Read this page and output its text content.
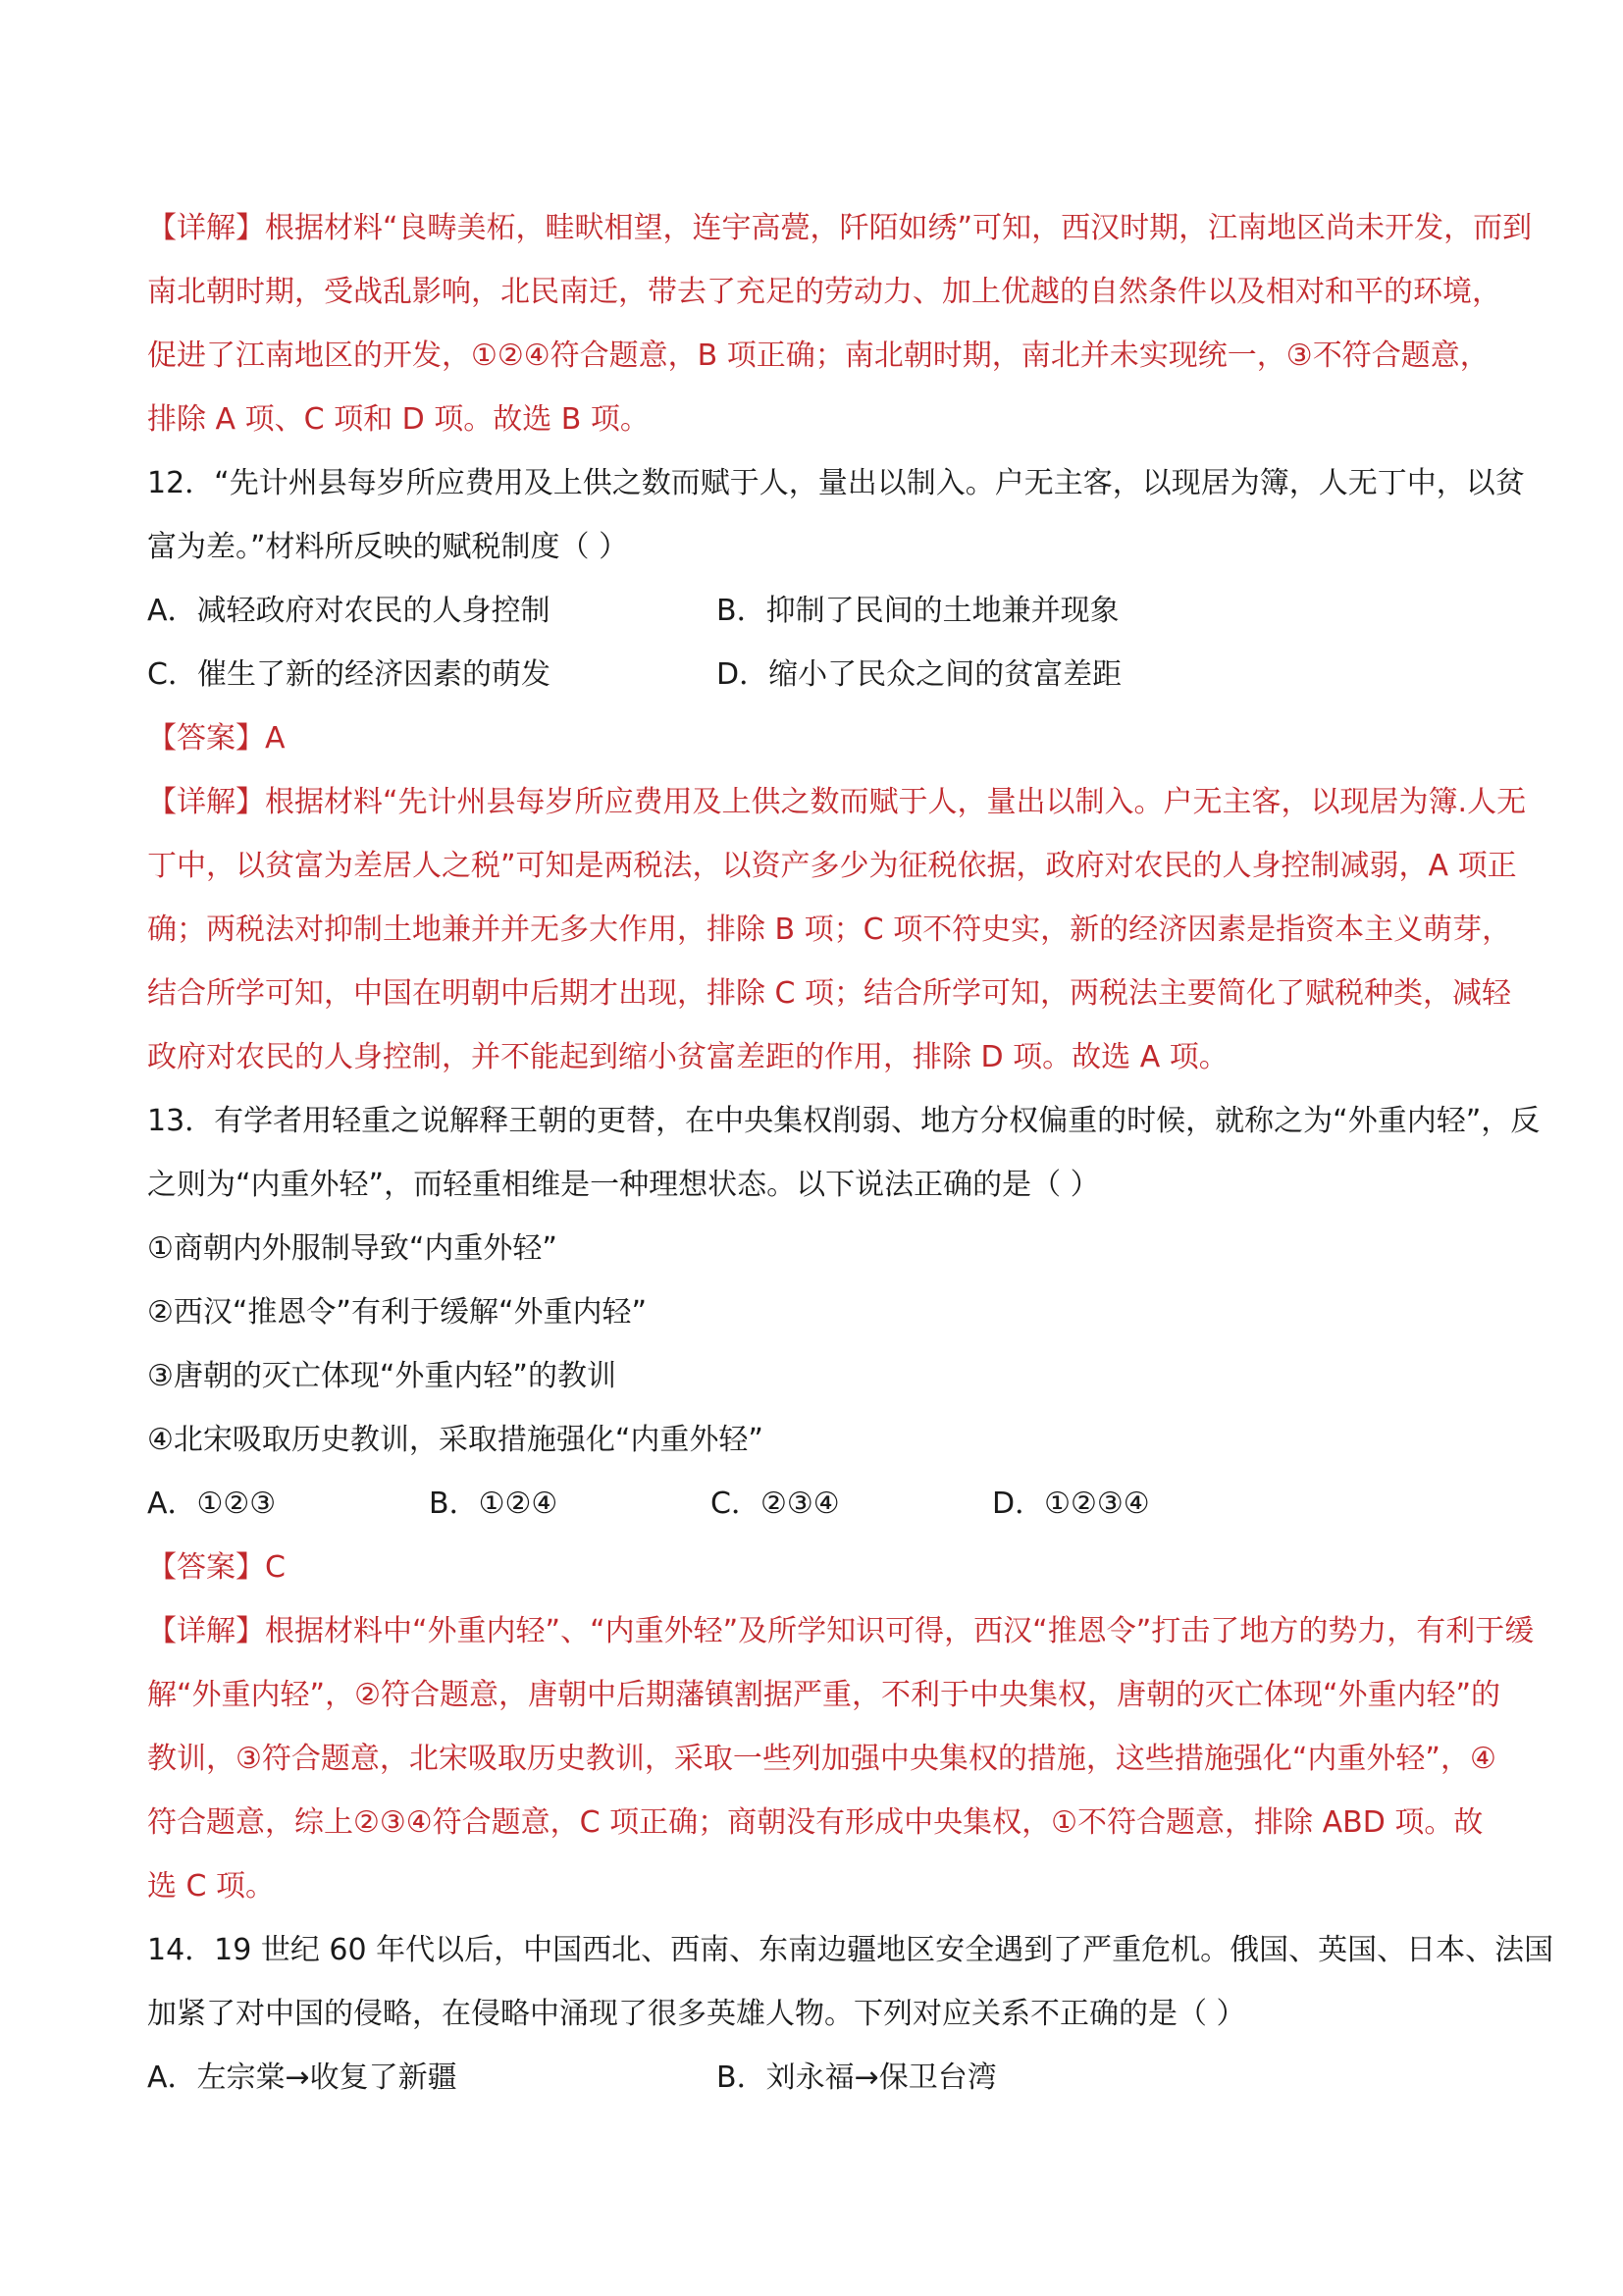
【详解】根据材料“良畴美柘，畦畎相望，连宇高甍，阡陌如绣”可知，西汉时期，江南地区尚未开发，而到
南北朝时期，受战乱影响，北民南迁，带去了充足的劳动力、加上优越的自然条件以及相对和平的环境，
促进了江南地区的开发，①②④符合题意，B 项正确；南北朝时期，南北并未实现统一，③不符合题意，
排除 A 项、C 项和 D 项。故选 B 项。
12．“先计州县每岁所应费用及上供之数而赋于人，量出以制入。户无主客，以现居为簿，人无丁中，以贫
富为差。”材料所反映的赋税制度（ ）
A．减轻政府对农民的人身控制	B．抑制了民间的土地兼并现象
C．催生了新的经济因素的萌发	D．缩小了民众之间的贫富差距
【答案】A
【详解】根据材料“先计州县每岁所应费用及上供之数而赋于人，量出以制入。户无主客，以现居为簿.人无
丁中，以贫富为差居人之税”可知是两税法，以资产多少为征税依据，政府对农民的人身控制减弱，A 项正
确；两税法对抑制土地兼并并无多大作用，排除 B 项；C 项不符史实，新的经济因素是指资本主义萌芽，
结合所学可知，中国在明朝中后期才出现，排除 C 项；结合所学可知，两税法主要简化了赋税种类，减轻
政府对农民的人身控制，并不能起到缩小贫富差距的作用，排除 D 项。故选 A 项。
13．有学者用轻重之说解释王朝的更替，在中央集权削弱、地方分权偏重的时候，就称之为“外重内轻”，反
之则为“内重外轻”，而轻重相维是一种理想状态。以下说法正确的是（ ）
①商朝内外服制导致“内重外轻”
②西汉“推恩令”有利于缓解“外重内轻”
③唐朝的灭亡体现“外重内轻”的教训
④北宋吸取历史教训，采取措施强化“内重外轻”
A．①②③	B．①②④	C．②③④	D．①②③④
【答案】C
【详解】根据材料中“外重内轻”、“内重外轻”及所学知识可得，西汉“推恩令”打击了地方的势力，有利于缓
解“外重内轻”，②符合题意，唐朝中后期藩镇割据严重，不利于中央集权，唐朝的灭亡体现“外重内轻”的
教训，③符合题意，北宋吸取历史教训，采取一些列加强中央集权的措施，这些措施强化“内重外轻”，④
符合题意，综上②③④符合题意，C 项正确；商朝没有形成中央集权，①不符合题意，排除 ABD 项。故
选 C 项。
14．19 世纪 60 年代以后，中国西北、西南、东南边疆地区安全遇到了严重危机。俄国、英国、日本、法国
加紧了对中国的侵略，在侵略中涌现了很多英雄人物。下列对应关系不正确的是（ ）
A．左宗棠→收复了新疆	B．刘永福→保卫台湾
